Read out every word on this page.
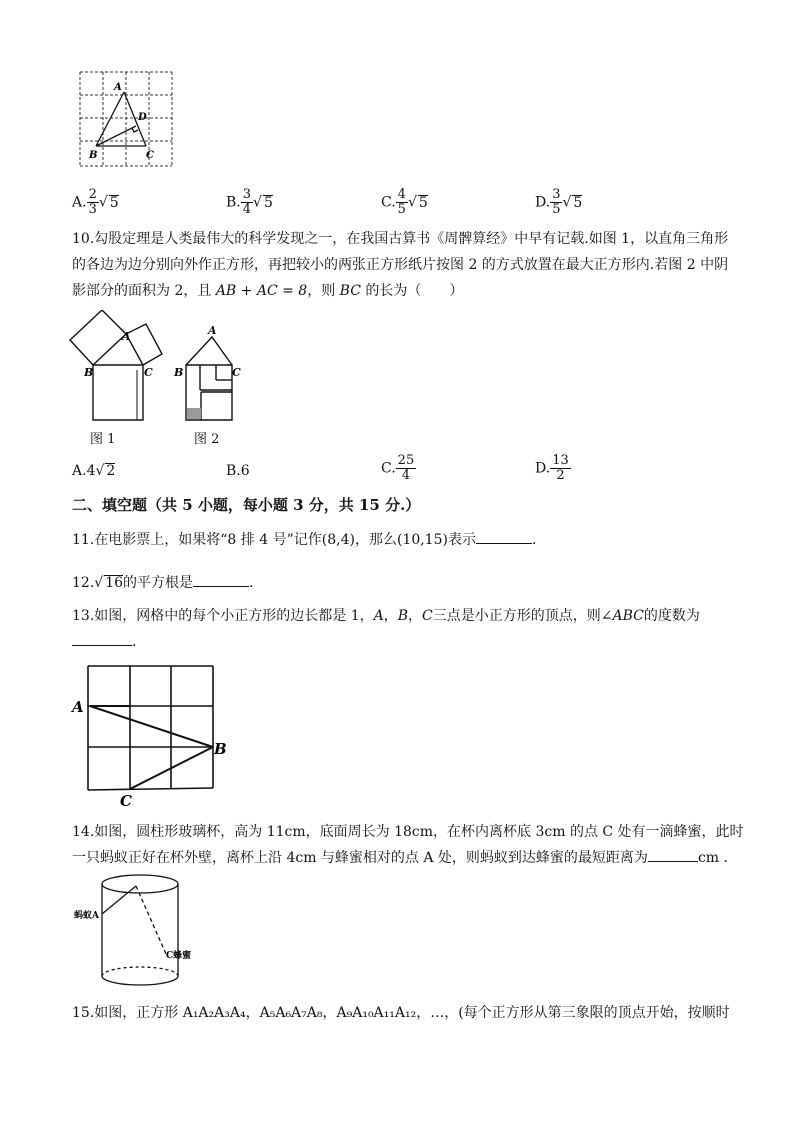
A
D
B	C
A. $\frac{2}{3}$ √ 5	B. $\frac{3}{4}$ √ 5	C. $\frac{4}{5}$ √ 5	D. $\frac{3}{5}$ √ 5
10.勾股定理是人类最伟大的科学发现之一，在我国古算书《周髀算经》中早有记载.如图 1，以直角三角形
的各边为边分别向外作正方形，再把较小的两张正方形纸片按图 2 的方式放置在最大正方形内.若图 2 中阴
影部分的面积为 2，且 AB + AC = 8，则 BC 的长为（　　）
A
B	C
A
B	C
图 1	图 2
A.4√ 2	B.6	C. $\frac{25}{4}$	D. $\frac{13}{2}$
二、填空题（共 5 小题，每小题 3 分，共 15 分.）
11.在电影票上，如果将“8 排 4 号”记作(8,4)，那么(10,15)表示	.
12.√ 16的平方根是	.
13.如图，网格中的每个小正方形的边长都是 1，A，B，C三点是小正方形的顶点，则∠ABC的度数为
.
A
B
C
14.如图，圆柱形玻璃杯，高为 11cm，底面周长为 18cm，在杯内离杯底 3cm 的点 C 处有一滴蜂蜜，此时
一只蚂蚁正好在杯外壁，离杯上沿 4cm 与蜂蜜相对的点 A 处，则蚂蚁到达蜂蜜的最短距离为	cm .
蚂蚁A
C蜂蜜
15.如图，正方形 A₁A₂A₃A₄，A₅A₆A₇A₈，A₉A₁₀A₁₁A₁₂，…，(每个正方形从第三象限的顶点开始，按顺时
